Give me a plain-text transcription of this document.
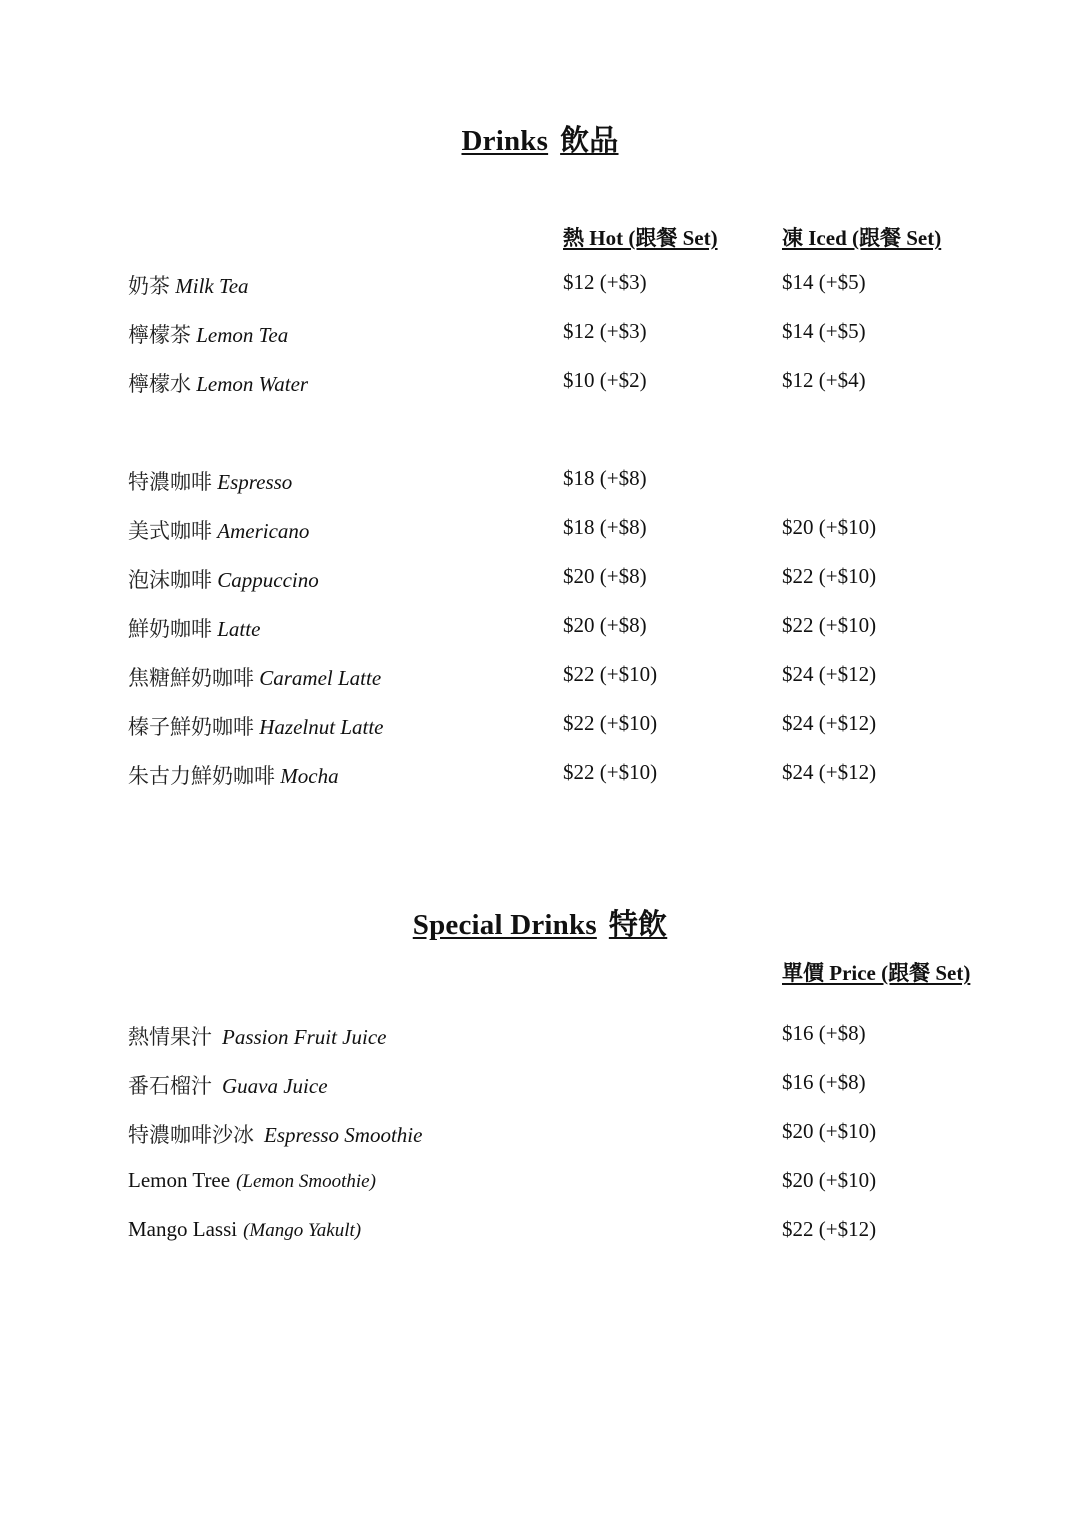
Drinks 飲品
熱 Hot (跟餐 Set)	凍 Iced (跟餐 Set)
奶茶 Milk Tea	$12 (+$3)	$14 (+$5)
檸檬茶 Lemon Tea	$12 (+$3)	$14 (+$5)
檸檬水 Lemon Water	$10 (+$2)	$12 (+$4)
特濃咖啡 Espresso	$18 (+$8)
美式咖啡 Americano	$18 (+$8)	$20 (+$10)
泡沫咖啡 Cappuccino	$20 (+$8)	$22 (+$10)
鮮奶咖啡 Latte	$20 (+$8)	$22 (+$10)
焦糖鮮奶咖啡 Caramel Latte	$22 (+$10)	$24 (+$12)
榛子鮮奶咖啡 Hazelnut Latte	$22 (+$10)	$24 (+$12)
朱古力鮮奶咖啡 Mocha	$22 (+$10)	$24 (+$12)
Special Drinks 特飲
單價 Price (跟餐 Set)
熱情果汁 Passion Fruit Juice	$16 (+$8)
番石榴汁 Guava Juice	$16 (+$8)
特濃咖啡沙冰 Espresso Smoothie	$20 (+$10)
Lemon Tree (Lemon Smoothie)	$20 (+$10)
Mango Lassi (Mango Yakult)	$22 (+$12)
